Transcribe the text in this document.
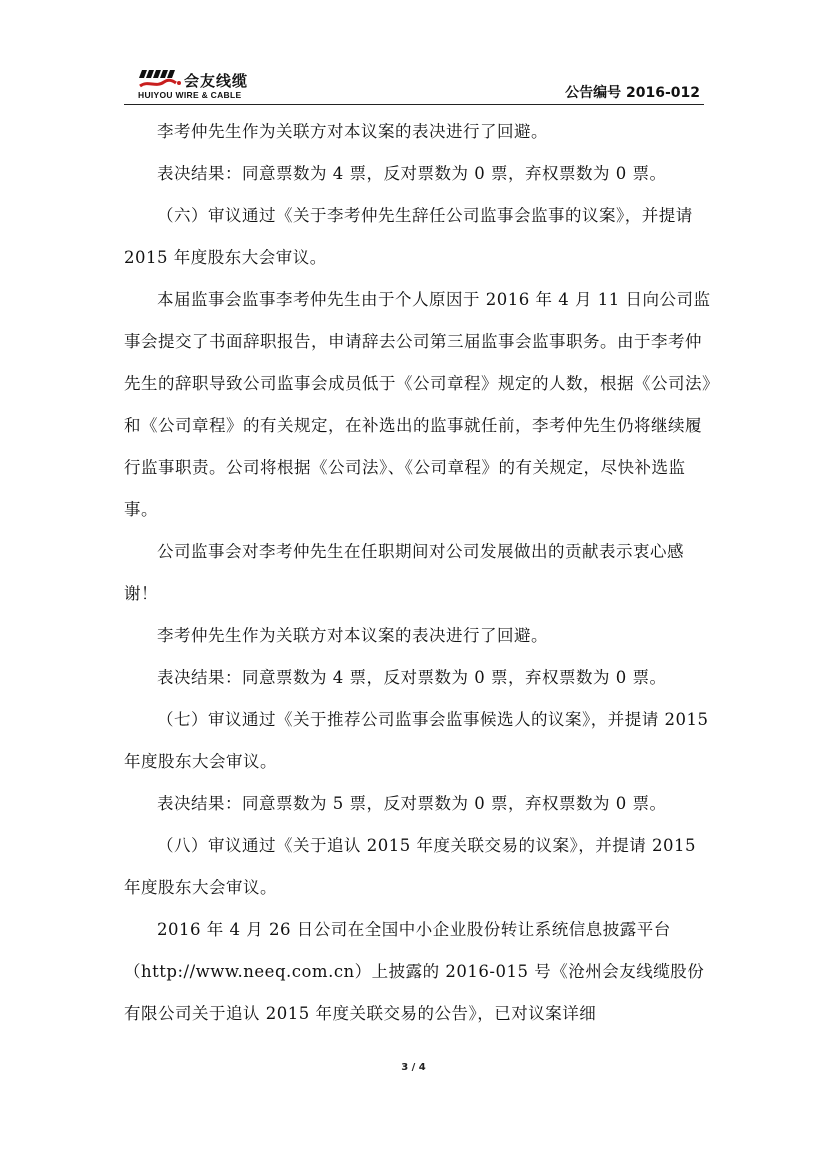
会友线缆
HUIYOU WIRE & CABLE	公告编号 2016-012

李考仲先生作为关联方对本议案的表决进行了回避。

表决结果：同意票数为 4 票，反对票数为 0 票，弃权票数为 0 票。

（六）审议通过《关于李考仲先生辞任公司监事会监事的议案》，并提请 2015 年度股东大会审议。

本届监事会监事李考仲先生由于个人原因于 2016 年 4 月 11 日向公司监事会提交了书面辞职报告，申请辞去公司第三届监事会监事职务。由于李考仲先生的辞职导致公司监事会成员低于《公司章程》规定的人数，根据《公司法》和《公司章程》的有关规定，在补选出的监事就任前，李考仲先生仍将继续履行监事职责。公司将根据《公司法》、《公司章程》的有关规定，尽快补选监事。

公司监事会对李考仲先生在任职期间对公司发展做出的贡献表示衷心感谢！

李考仲先生作为关联方对本议案的表决进行了回避。

表决结果：同意票数为 4 票，反对票数为 0 票，弃权票数为 0 票。

（七）审议通过《关于推荐公司监事会监事候选人的议案》，并提请 2015 年度股东大会审议。

表决结果：同意票数为 5 票，反对票数为 0 票，弃权票数为 0 票。

（八）审议通过《关于追认 2015 年度关联交易的议案》，并提请 2015 年度股东大会审议。

2016 年 4 月 26 日公司在全国中小企业股份转让系统信息披露平台（http://www.neeq.com.cn）上披露的 2016-015 号《沧州会友线缆股份有限公司关于追认 2015 年度关联交易的公告》，已对议案详细

3 / 4
